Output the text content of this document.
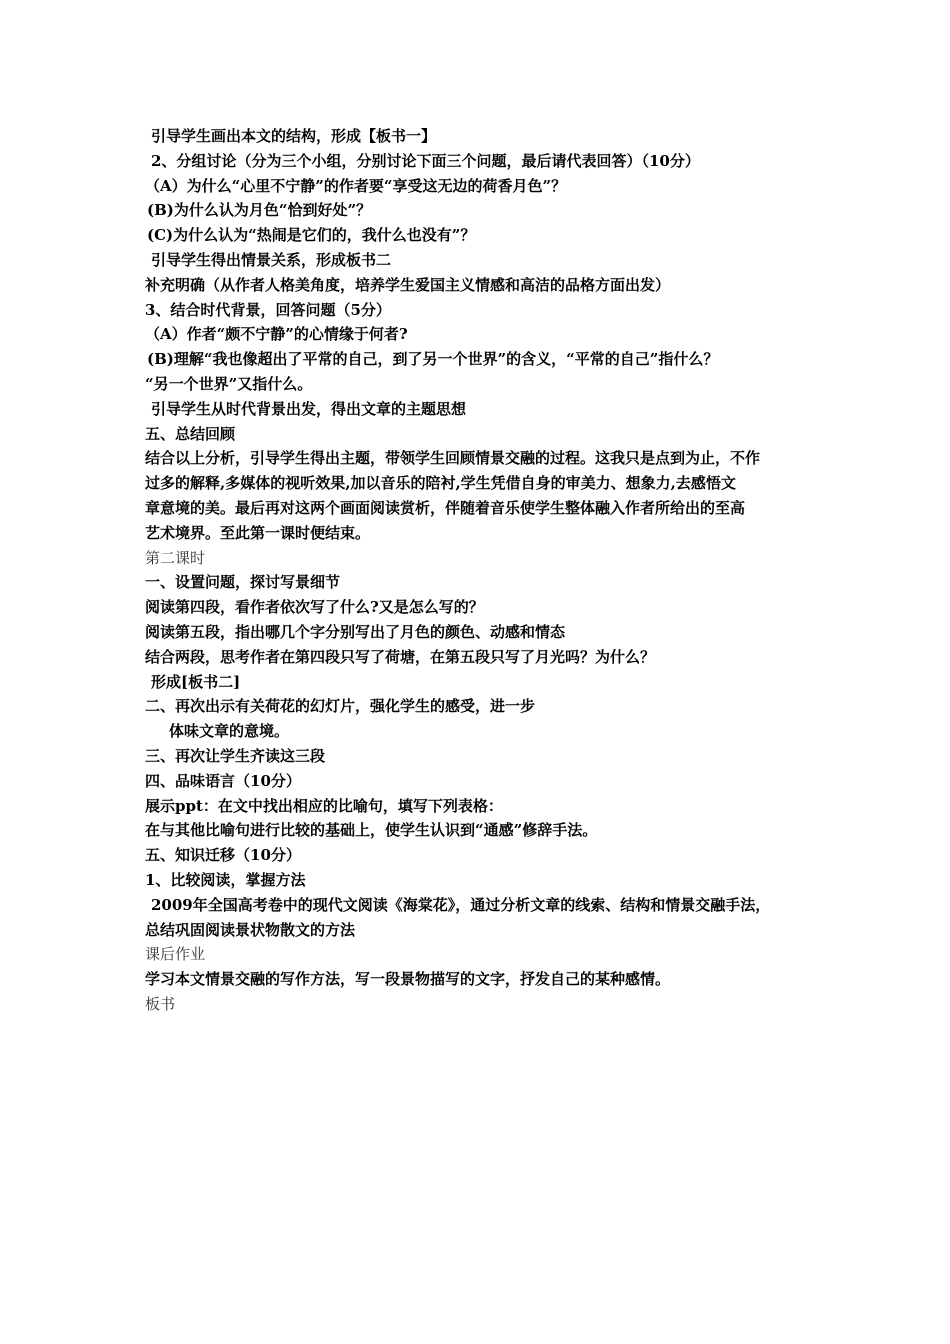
引导学生画出本文的结构，形成【板书一】
2、分组讨论（分为三个小组，分别讨论下面三个问题，最后请代表回答）（10分）
（A）为什么“心里不宁静”的作者要“享受这无边的荷香月色”？
(B)为什么认为月色“恰到好处”？
(C)为什么认为“热闹是它们的，我什么也没有”？
引导学生得出情景关系，形成板书二
补充明确（从作者人格美角度，培养学生爱国主义情感和高洁的品格方面出发）
3、结合时代背景，回答问题（5分）
（A）作者“颇不宁静”的心情缘于何者?
(B)理解“我也像超出了平常的自己，到了另一个世界”的含义，“平常的自己”指什么？
“另一个世界”又指什么。
引导学生从时代背景出发，得出文章的主题思想
五、总结回顾
结合以上分析，引导学生得出主题，带领学生回顾情景交融的过程。这我只是点到为止，不作
过多的解释,多媒体的视听效果,加以音乐的陪衬,学生凭借自身的审美力、想象力,去感悟文
章意境的美。最后再对这两个画面阅读赏析，伴随着音乐使学生整体融入作者所给出的至高
艺术境界。至此第一课时便结束。
第二课时
一、设置问题，探讨写景细节
阅读第四段，看作者依次写了什么?又是怎么写的？
阅读第五段，指出哪几个字分别写出了月色的颜色、动感和情态
结合两段，思考作者在第四段只写了荷塘，在第五段只写了月光吗？为什么？
形成[板书二]
二、再次出示有关荷花的幻灯片，强化学生的感受，进一步
体味文章的意境。
三、再次让学生齐读这三段
四、品味语言（10分）
展示ppt：在文中找出相应的比喻句，填写下列表格：
在与其他比喻句进行比较的基础上，使学生认识到“通感”修辞手法。
五、知识迁移（10分）
1、比较阅读，掌握方法
2009年全国高考卷中的现代文阅读《海棠花》，通过分析文章的线索、结构和情景交融手法，
总结巩固阅读景状物散文的方法
课后作业
学习本文情景交融的写作方法，写一段景物描写的文字，抒发自己的某种感情。
板书
